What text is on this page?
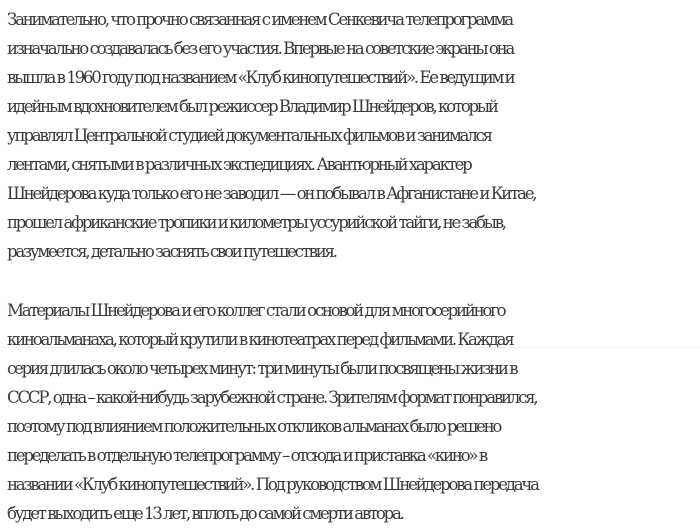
Занимательно, что прочно связанная с именем Сенкевича телепрограмма
изначально создавалась без его участия. Впервые на советские экраны она
вышла в 1960 году под названием «Клуб кинопутешествий». Ее ведущим и
идейным вдохновителем был режиссер Владимир Шнейдеров, который
управлял Центральной студией документальных фильмов и занимался
лентами, снятыми в различных экспедициях. Авантюрный характер
Шнейдерова куда только его не заводил — он побывал в Афганистане и Китае,
прошел африканские тропики и километры уссурийской тайги, не забыв,
разумеется, детально заснять свои путешествия.
Материалы Шнейдерова и его коллег стали основой для многосерийного
киноальманаха, который крутили в кинотеатрах перед фильмами. Каждая
серия длилась около четырех минут: три минуты были посвящены жизни в
СССР, одна – какой-нибудь зарубежной стране. Зрителям формат понравился,
поэтому под влиянием положительных откликов альманах было решено
переделать в отдельную телепрограмму – отсюда и приставка «кино» в
названии «Клуб кинопутешествий». Под руководством Шнейдерова передача
будет выходить еще 13 лет, вплоть до самой смерти автора.
